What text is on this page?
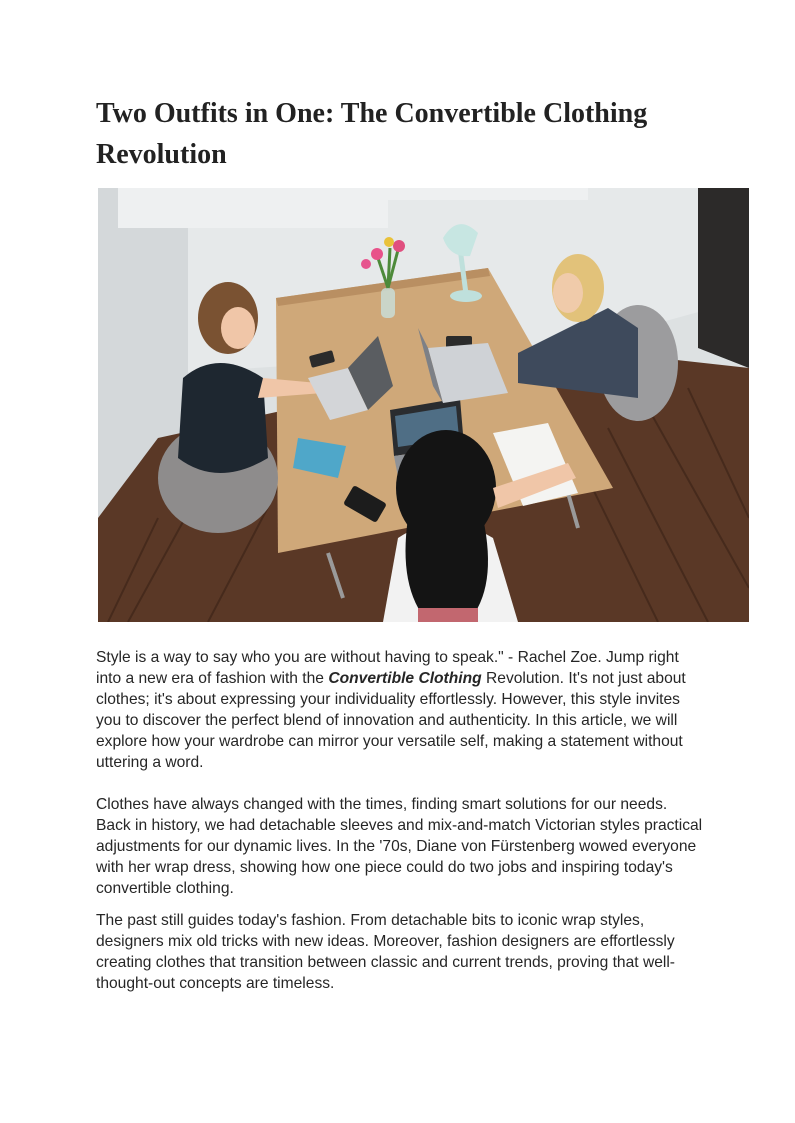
Two Outfits in One: The Convertible Clothing Revolution

Style is a way to say who you are without having to speak." - Rachel Zoe. Jump right into a new era of fashion with the Convertible Clothing Revolution. It's not just about clothes; it's about expressing your individuality effortlessly. However, this style invites you to discover the perfect blend of innovation and authenticity. In this article, we will explore how your wardrobe can mirror your versatile self, making a statement without uttering a word.

Clothes have always changed with the times, finding smart solutions for our needs. Back in history, we had detachable sleeves and mix-and-match Victorian styles practical adjustments for our dynamic lives. In the '70s, Diane von Fürstenberg wowed everyone with her wrap dress, showing how one piece could do two jobs and inspiring today's convertible clothing.

The past still guides today's fashion. From detachable bits to iconic wrap styles, designers mix old tricks with new ideas. Moreover, fashion designers are effortlessly creating clothes that transition between classic and current trends, proving that well-thought-out concepts are timeless.
